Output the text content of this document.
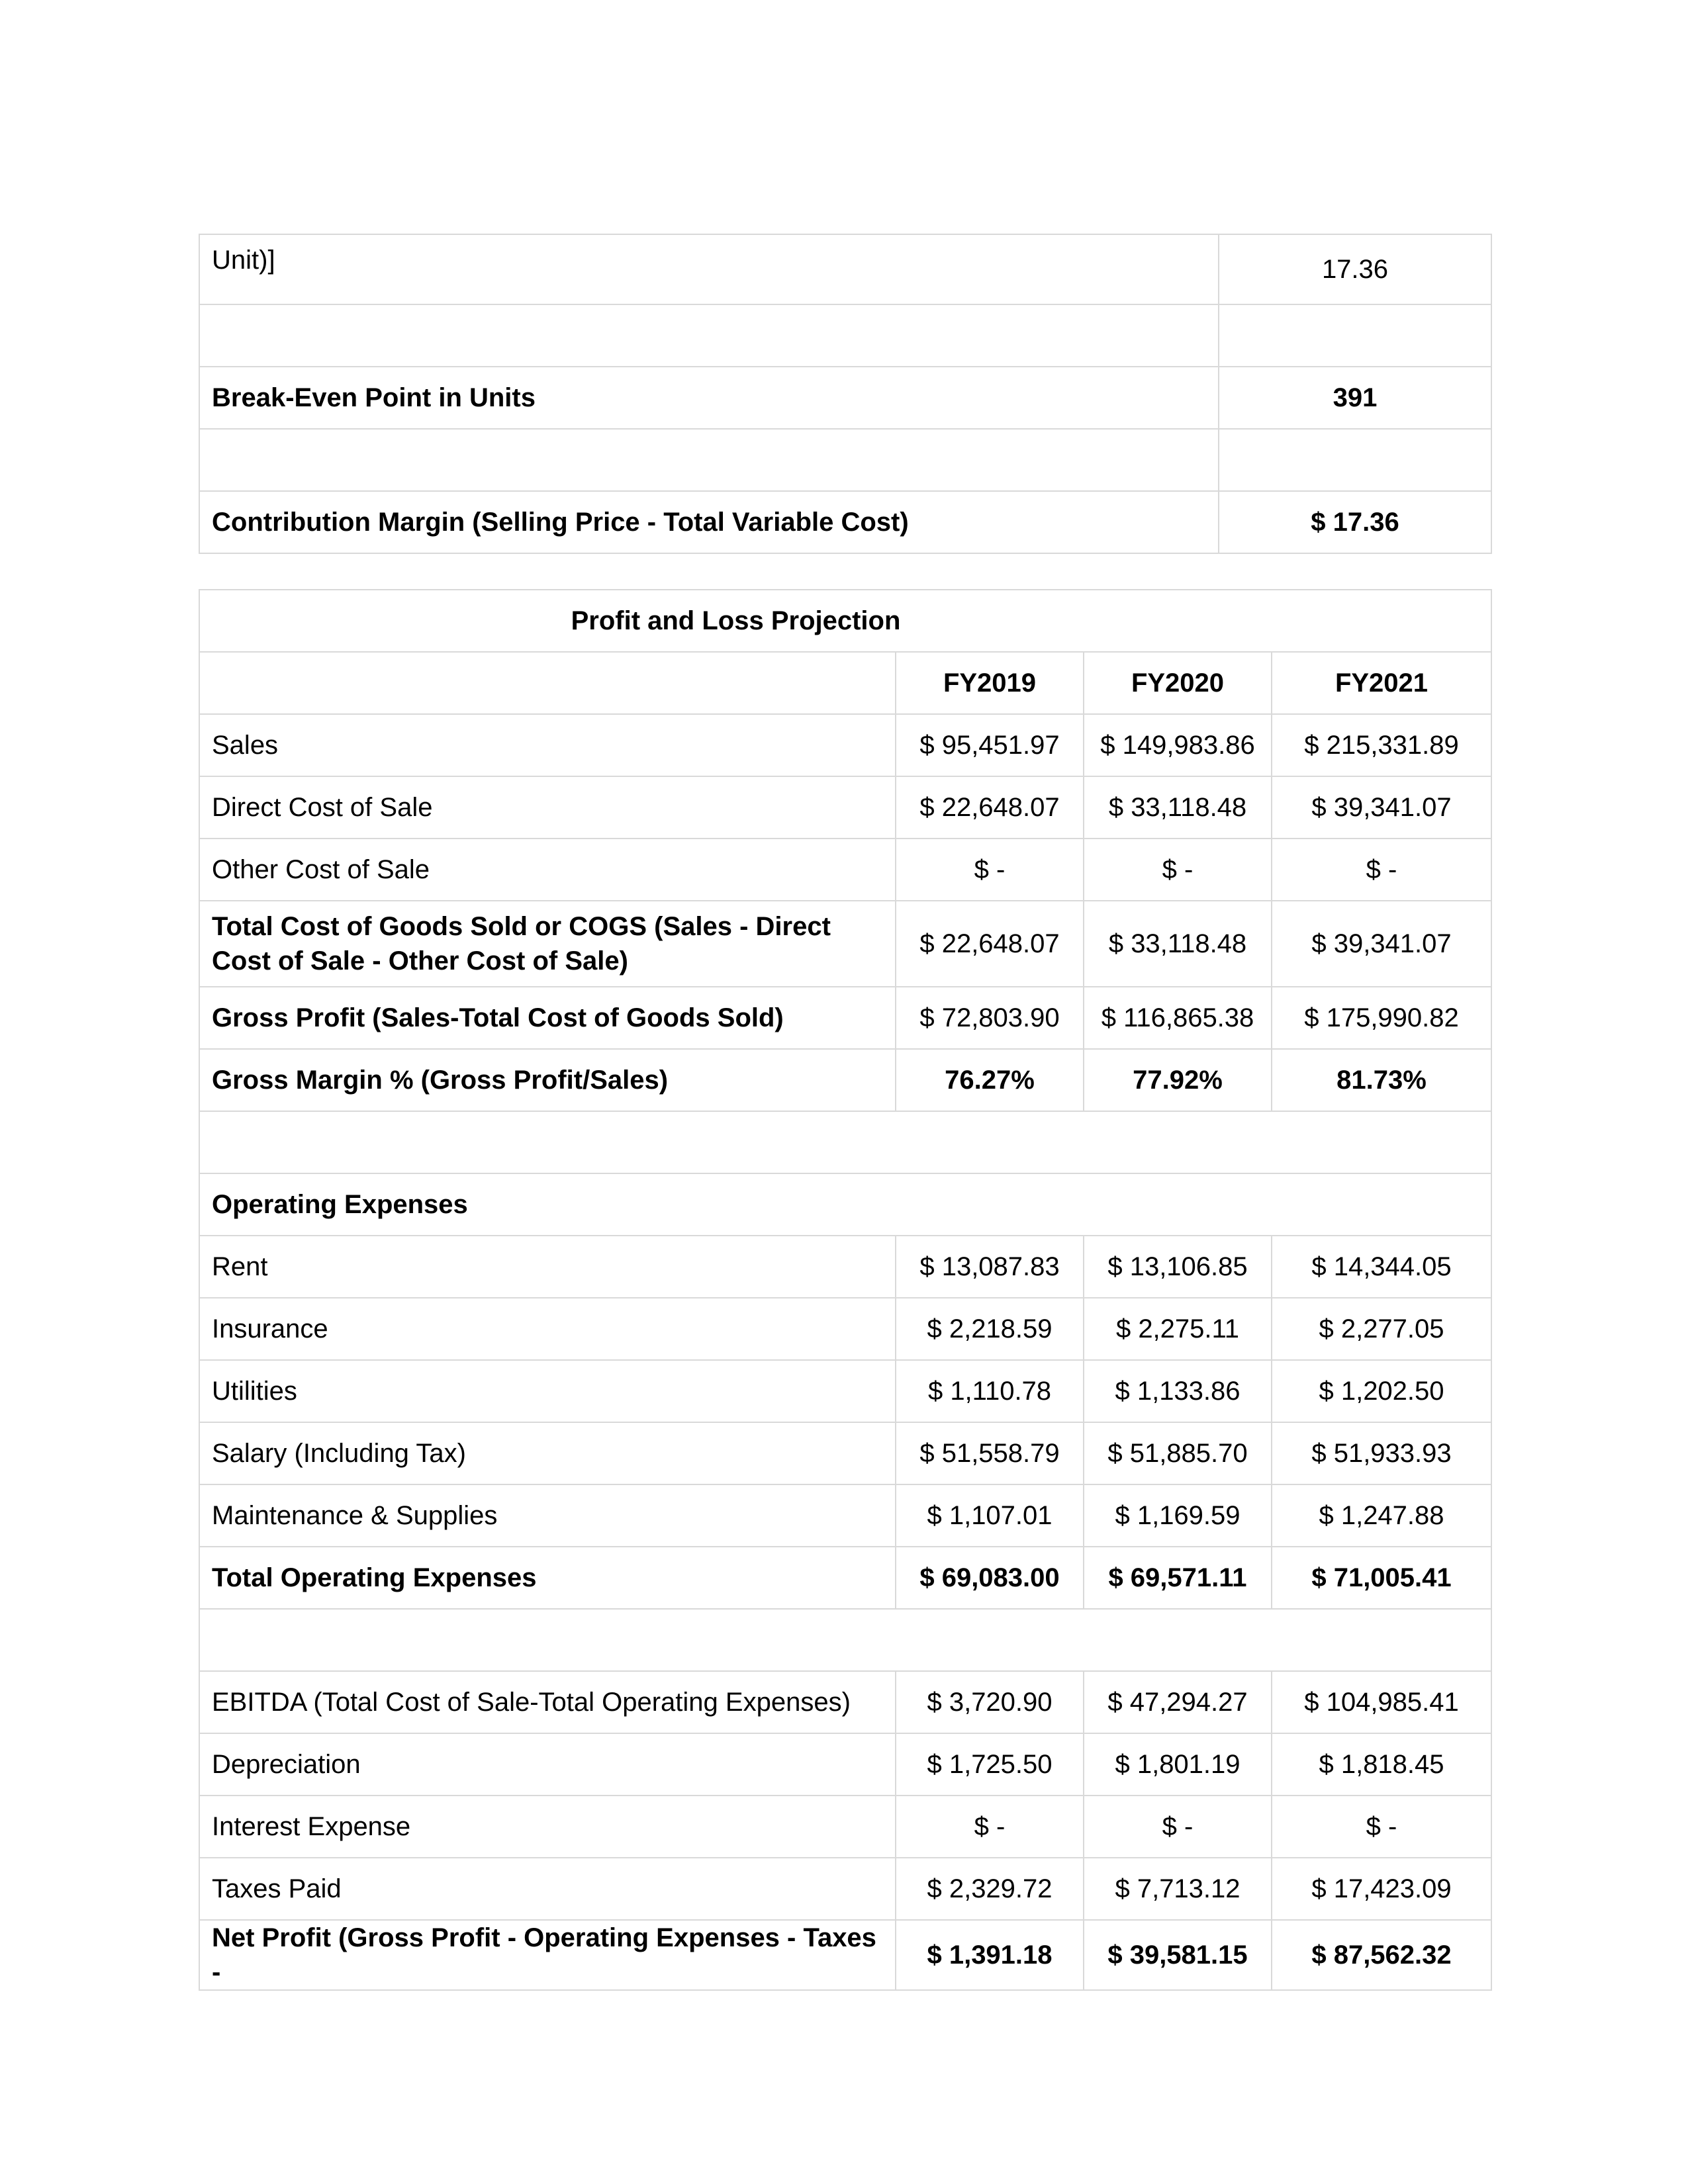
Unit)]	17.36

Break-Even Point in Units	391

Contribution Margin (Selling Price - Total Variable Cost)	$ 17.36
Profit and Loss Projection			
	FY2019	FY2020	FY2021
Sales	$ 95,451.97	$ 149,983.86	$ 215,331.89
Direct Cost of Sale	$ 22,648.07	$ 33,118.48	$ 39,341.07
Other Cost of Sale	$ -	$ -	$ -
Total Cost of Goods Sold or COGS (Sales - Direct Cost of Sale - Other Cost of Sale)	$ 22,648.07	$ 33,118.48	$ 39,341.07
Gross Profit (Sales-Total Cost of Goods Sold)	$ 72,803.90	$ 116,865.38	$ 175,990.82
Gross Margin % (Gross Profit/Sales)	76.27%	77.92%	81.73%

Operating Expenses			
Rent	$ 13,087.83	$ 13,106.85	$ 14,344.05
Insurance	$ 2,218.59	$ 2,275.11	$ 2,277.05
Utilities	$ 1,110.78	$ 1,133.86	$ 1,202.50
Salary (Including Tax)	$ 51,558.79	$ 51,885.70	$ 51,933.93
Maintenance & Supplies	$ 1,107.01	$ 1,169.59	$ 1,247.88
Total Operating Expenses	$ 69,083.00	$ 69,571.11	$ 71,005.41

EBITDA (Total Cost of Sale-Total Operating Expenses)	$ 3,720.90	$ 47,294.27	$ 104,985.41
Depreciation	$ 1,725.50	$ 1,801.19	$ 1,818.45
Interest Expense	$ -	$ -	$ -
Taxes Paid	$ 2,329.72	$ 7,713.12	$ 17,423.09
Net Profit (Gross Profit - Operating Expenses - Taxes -	$ 1,391.18	$ 39,581.15	$ 87,562.32
